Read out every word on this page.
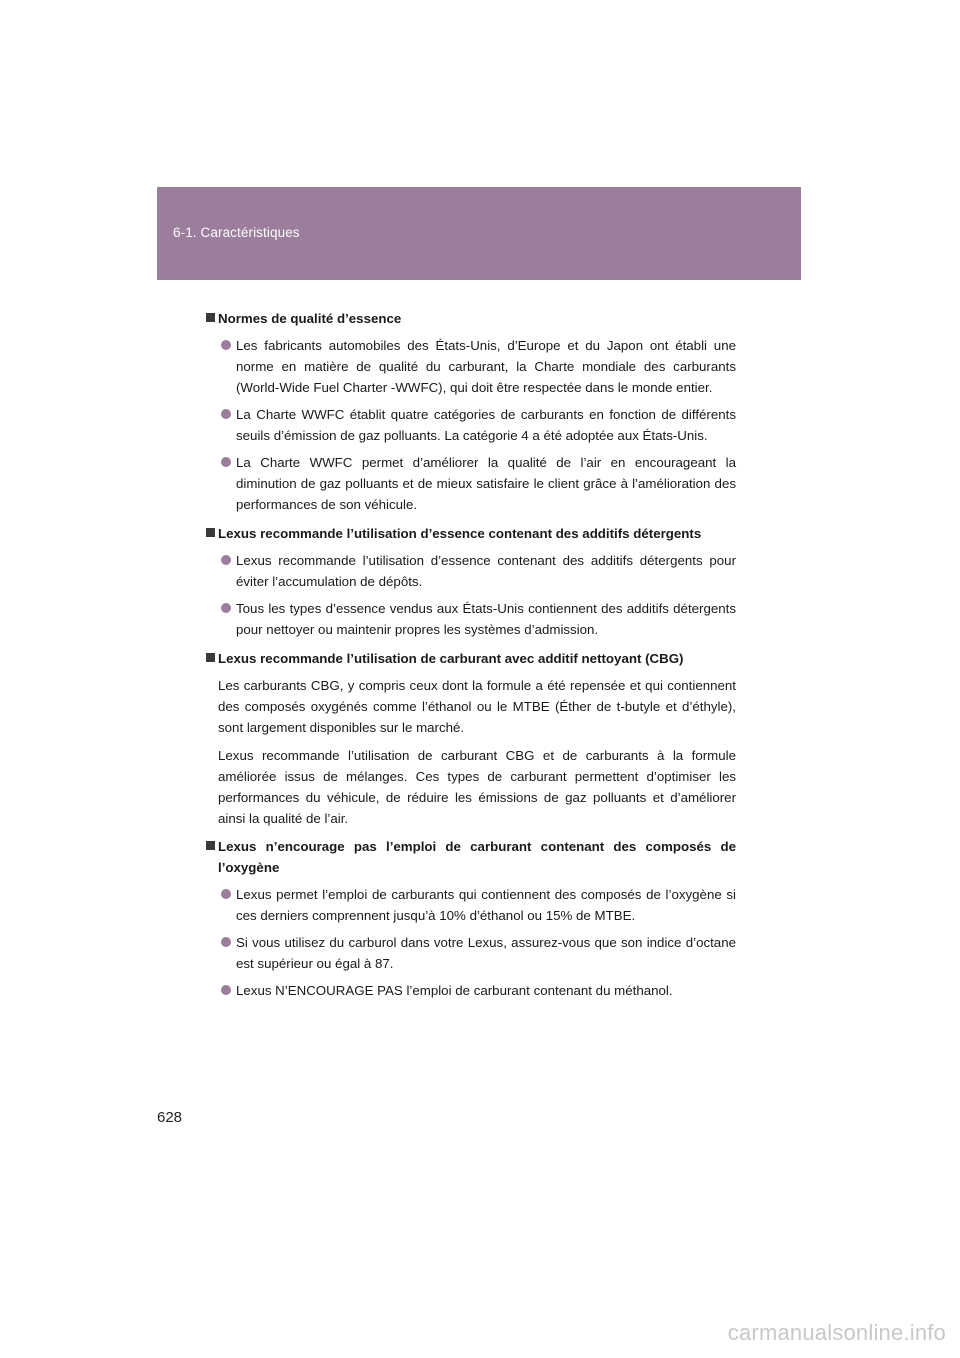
6-1. Caractéristiques
Normes de qualité d’essence
Les fabricants automobiles des États-Unis, d’Europe et du Japon ont établi une norme en matière de qualité du carburant, la Charte mondiale des carburants (World-Wide Fuel Charter -WWFC), qui doit être respectée dans le monde entier.
La Charte WWFC établit quatre catégories de carburants en fonction de différents seuils d’émission de gaz polluants. La catégorie 4 a été adoptée aux États-Unis.
La Charte WWFC permet d’améliorer la qualité de l’air en encourageant la diminution de gaz polluants et de mieux satisfaire le client grâce à l’amélioration des performances de son véhicule.
Lexus recommande l’utilisation d’essence contenant des additifs détergents
Lexus recommande l’utilisation d’essence contenant des additifs détergents pour éviter l’accumulation de dépôts.
Tous les types d’essence vendus aux États-Unis contiennent des additifs détergents pour nettoyer ou maintenir propres les systèmes d’admission.
Lexus recommande l’utilisation de carburant avec additif nettoyant (CBG)

Les carburants CBG, y compris ceux dont la formule a été repensée et qui contiennent des composés oxygénés comme l’éthanol ou le MTBE (Éther de t-butyle et d’éthyle), sont largement disponibles sur le marché.

Lexus recommande l’utilisation de carburant CBG et de carburants à la formule améliorée issus de mélanges. Ces types de carburant permettent d’optimiser les performances du véhicule, de réduire les émissions de gaz polluants et d’améliorer ainsi la qualité de l’air.

Lexus n’encourage pas l’emploi de carburant contenant des composés de l’oxygène
Lexus permet l’emploi de carburants qui contiennent des composés de l’oxygène si ces derniers comprennent jusqu’à 10% d’éthanol ou 15% de MTBE.
Si vous utilisez du carburol dans votre Lexus, assurez-vous que son indice d’octane est supérieur ou égal à 87.
Lexus N’ENCOURAGE PAS l’emploi de carburant contenant du méthanol.
628
carmanualsonline.info
